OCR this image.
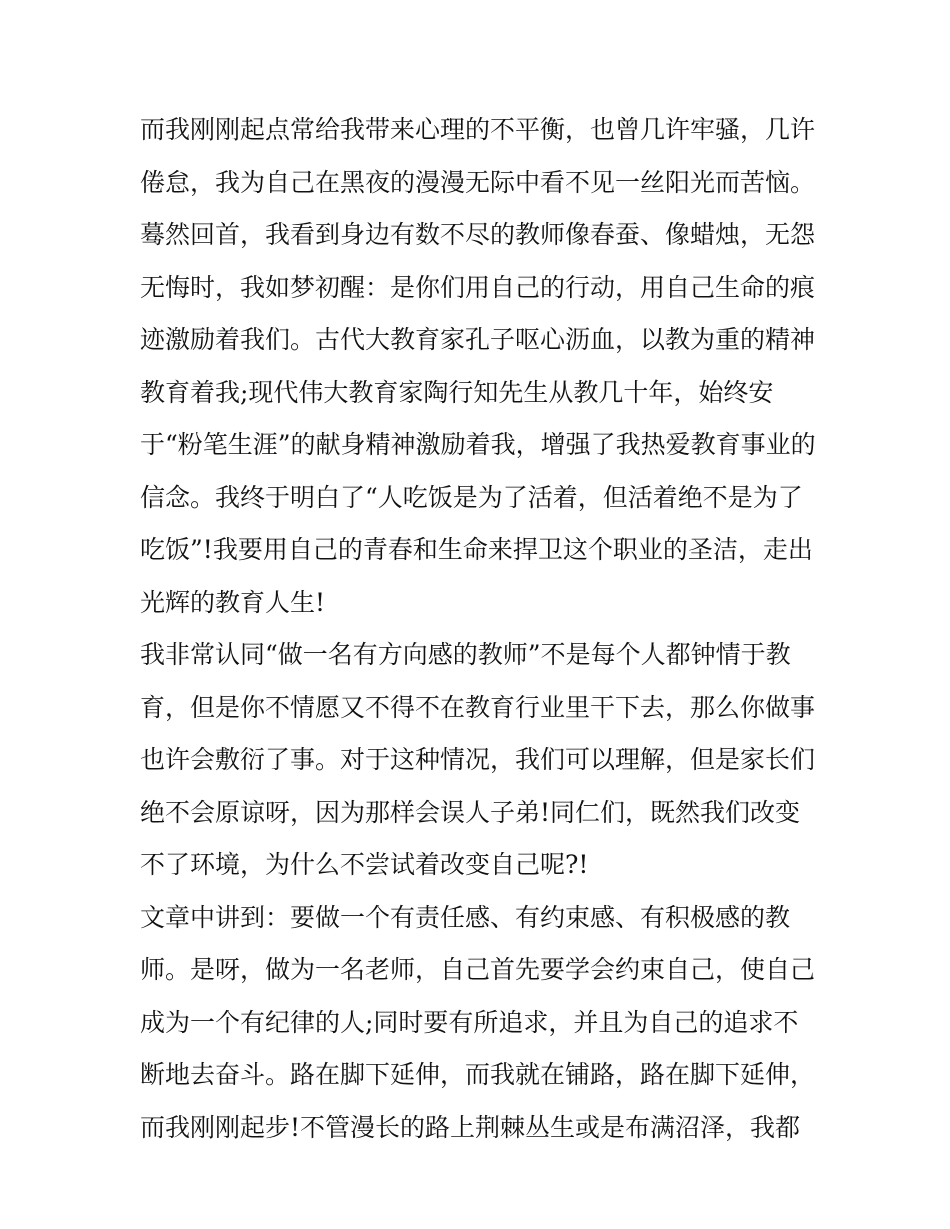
而我刚刚起点常给我带来心理的不平衡，也曾几许牢骚，几许
倦怠，我为自己在黑夜的漫漫无际中看不见一丝阳光而苦恼。
蓦然回首，我看到身边有数不尽的教师像春蚕、像蜡烛，无怨
无悔时，我如梦初醒：是你们用自己的行动，用自己生命的痕
迹激励着我们。古代大教育家孔子呕心沥血，以教为重的精神
教育着我;现代伟大教育家陶行知先生从教几十年，始终安
于“粉笔生涯”的献身精神激励着我，增强了我热爱教育事业的
信念。我终于明白了“人吃饭是为了活着，但活着绝不是为了
吃饭”!我要用自己的青春和生命来捍卫这个职业的圣洁，走出
光辉的教育人生!
我非常认同“做一名有方向感的教师”不是每个人都钟情于教
育，但是你不情愿又不得不在教育行业里干下去，那么你做事
也许会敷衍了事。对于这种情况，我们可以理解，但是家长们
绝不会原谅呀，因为那样会误人子弟!同仁们，既然我们改变
不了环境，为什么不尝试着改变自己呢?!
文章中讲到：要做一个有责任感、有约束感、有积极感的教
师。是呀，做为一名老师，自己首先要学会约束自己，使自己
成为一个有纪律的人;同时要有所追求，并且为自己的追求不
断地去奋斗。路在脚下延伸，而我就在铺路，路在脚下延伸，
而我刚刚起步!不管漫长的路上荆棘丛生或是布满沼泽，我都
